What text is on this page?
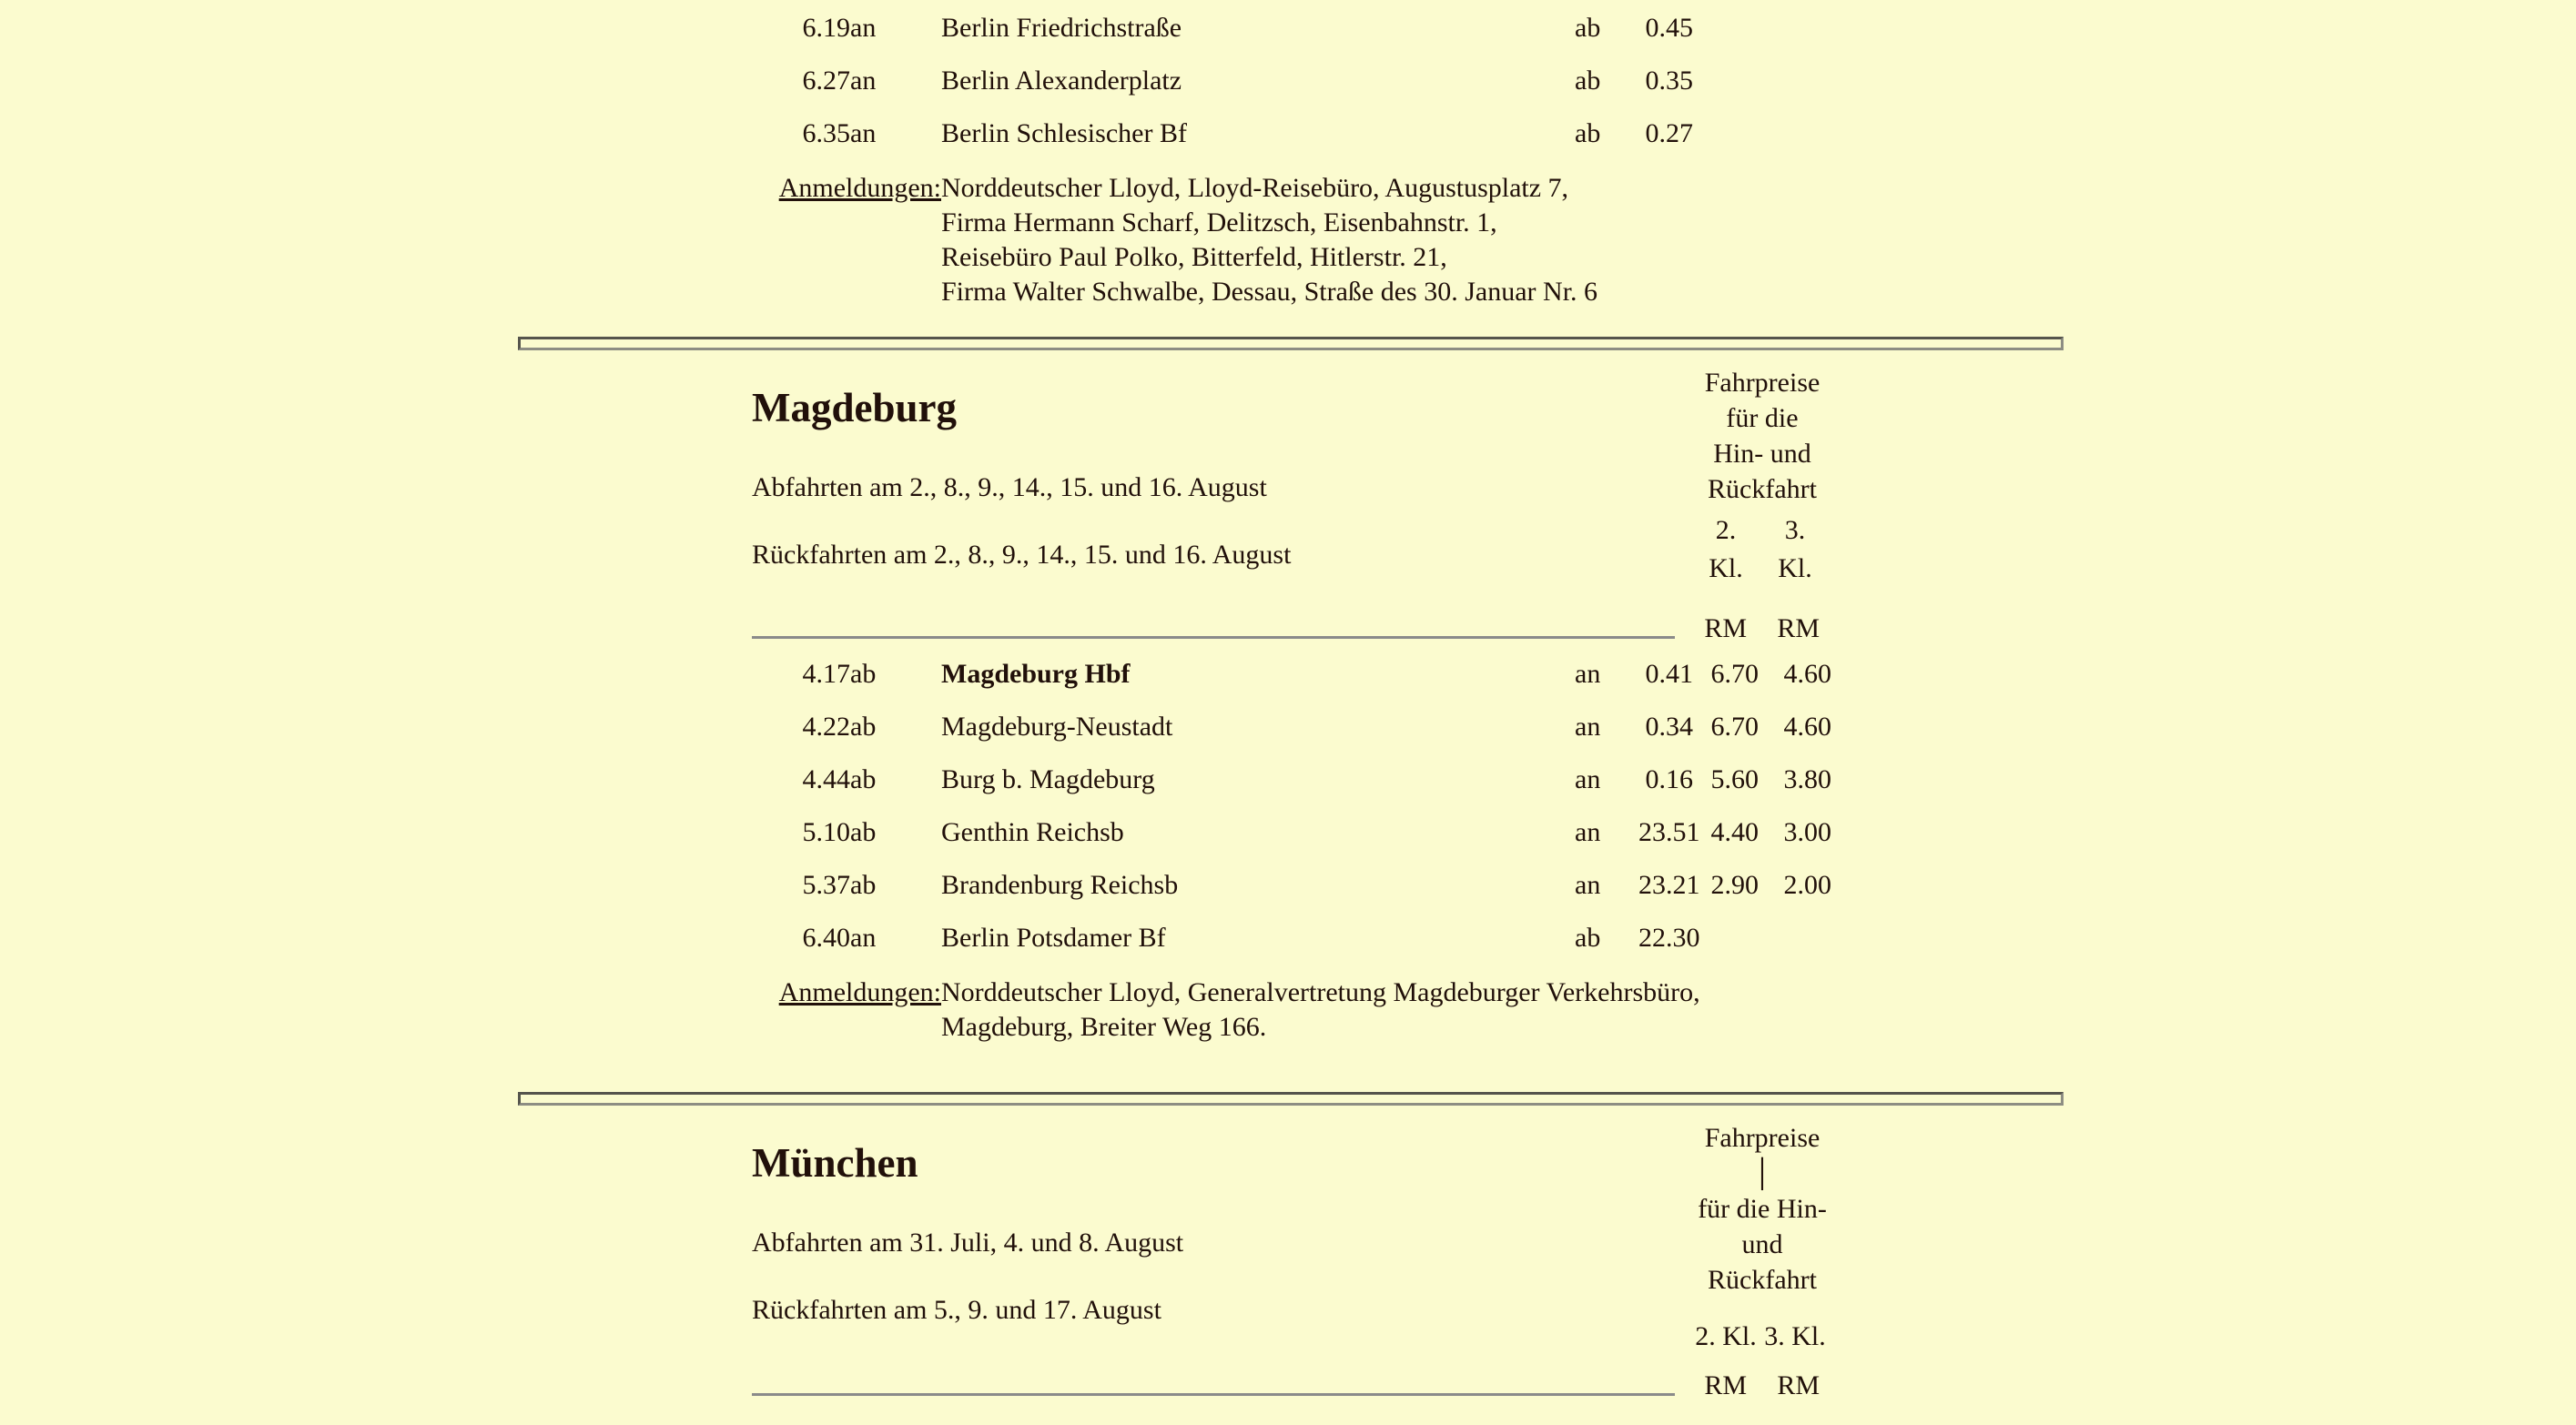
6.19	an	Berlin Friedrichstraße	ab	0.45		
6.27	an	Berlin Alexanderplatz	ab	0.35		
6.35	an	Berlin Schlesischer Bf	ab	0.27		
Anmeldungen:		Norddeutscher Lloyd, Lloyd-Reisebüro, Augustusplatz 7,
Firma Hermann Scharf, Delitzsch, Eisenbahnstr. 1,
Reisebüro Paul Polko, Bitterfeld, Hitlerstr. 21,
Firma Walter Schwalbe, Dessau, Straße des 30. Januar Nr. 6				
Magdeburg
Abfahrten am 2., 8., 9., 14., 15. und 16. August
Rückfahrten am 2., 8., 9., 14., 15. und 16. August
Fahrpreise
für die
Hin- und
Rückfahrt
2. Kl.
3. Kl.
RM	RM
4.17	ab	Magdeburg Hbf	an	0.41	6.70	4.60
4.22	ab	Magdeburg-Neustadt	an	0.34	6.70	4.60
4.44	ab	Burg b. Magdeburg	an	0.16	5.60	3.80
5.10	ab	Genthin Reichsb	an	23.51	4.40	3.00
5.37	ab	Brandenburg Reichsb	an	23.21	2.90	2.00
6.40	an	Berlin Potsdamer Bf	ab	22.30		
Anmeldungen:		Norddeutscher Lloyd, Generalvertretung Magdeburger Verkehrsbüro,
Magdeburg, Breiter Weg 166.				
München
Abfahrten am 31. Juli, 4. und 8. August
Rückfahrten am 5., 9. und 17. August
Fahrpreise │
für die Hin-
und
Rückfahrt
2. Kl. 3. Kl.
RM	RM
